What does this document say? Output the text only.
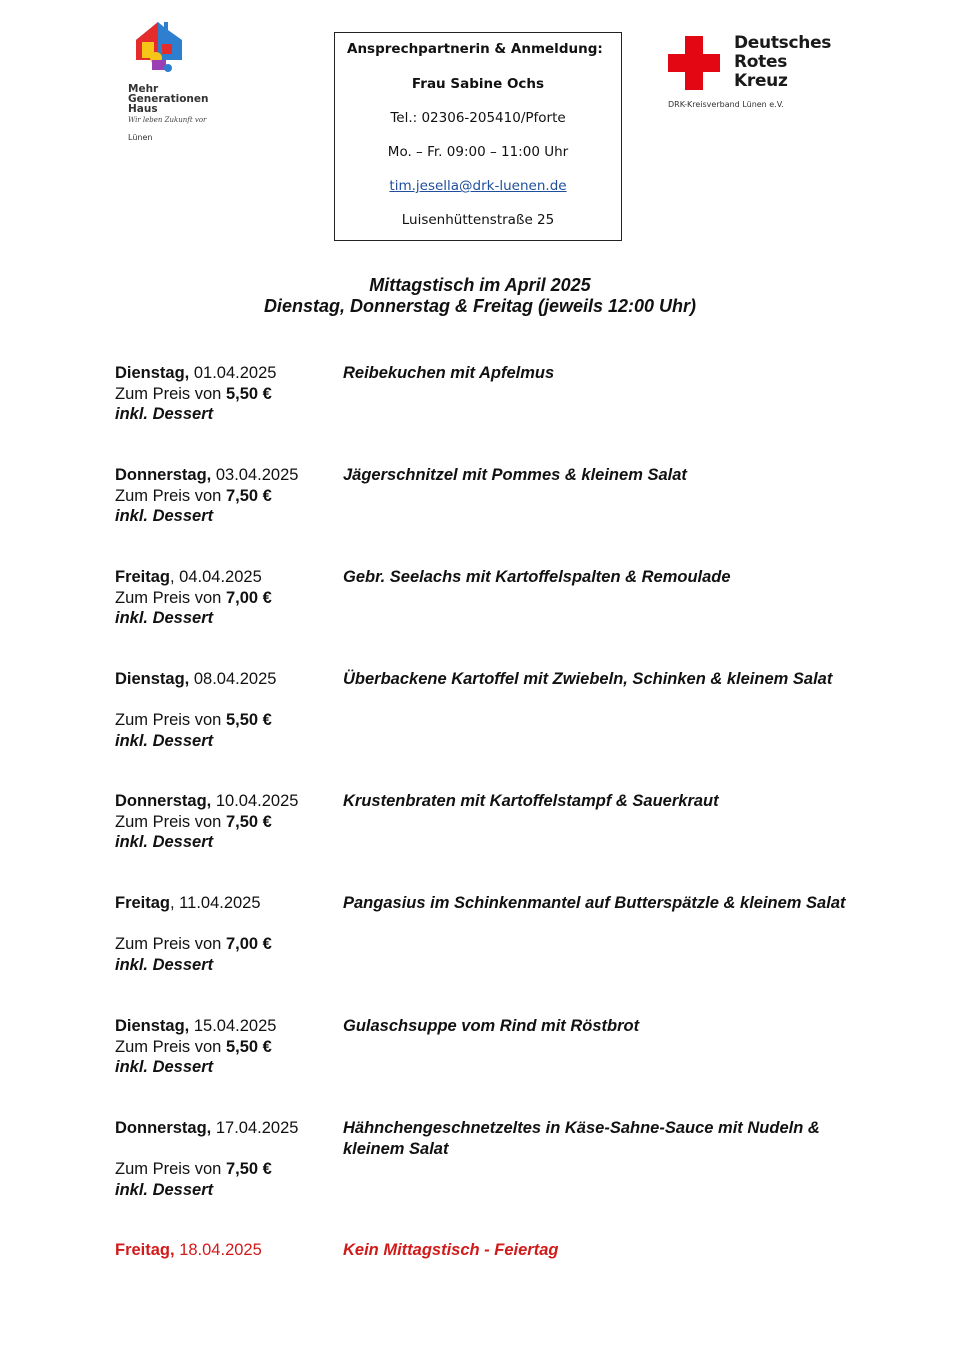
Mehr
Generationen
Haus
Wir leben Zukunft vor
Lünen
Ansprechpartnerin & Anmeldung:
Frau Sabine Ochs
Tel.: 02306-205410/Pforte
Mo. – Fr. 09:00 – 11:00 Uhr
tim.jesella@drk-luenen.de
Luisenhüttenstraße 25
Deutsches
Rotes
Kreuz
DRK-Kreisverband Lünen e.V.
Mittagstisch im April 2025
Dienstag, Donnerstag & Freitag (jeweils 12:00 Uhr)
Dienstag, 01.04.2025
Zum Preis von 5,50 €
inkl. Dessert
Reibekuchen mit Apfelmus
Donnerstag, 03.04.2025
Zum Preis von 7,50 €
inkl. Dessert
Jägerschnitzel mit Pommes & kleinem Salat
Freitag, 04.04.2025
Zum Preis von 7,00 €
inkl. Dessert
Gebr. Seelachs mit Kartoffelspalten & Remoulade
Dienstag, 08.04.2025
Zum Preis von 5,50 €
inkl. Dessert
Überbackene Kartoffel mit Zwiebeln, Schinken & kleinem Salat
Donnerstag, 10.04.2025
Zum Preis von 7,50 €
inkl. Dessert
Krustenbraten mit Kartoffelstampf & Sauerkraut
Freitag, 11.04.2025
Zum Preis von 7,00 €
inkl. Dessert
Pangasius im Schinkenmantel auf Butterspätzle & kleinem Salat
Dienstag, 15.04.2025
Zum Preis von 5,50 €
inkl. Dessert
Gulaschsuppe vom Rind mit Röstbrot
Donnerstag, 17.04.2025
Zum Preis von 7,50 €
inkl. Dessert
Hähnchengeschnetzeltes in Käse-Sahne-Sauce mit Nudeln & kleinem Salat
Freitag, 18.04.2025	Kein Mittagstisch - Feiertag
